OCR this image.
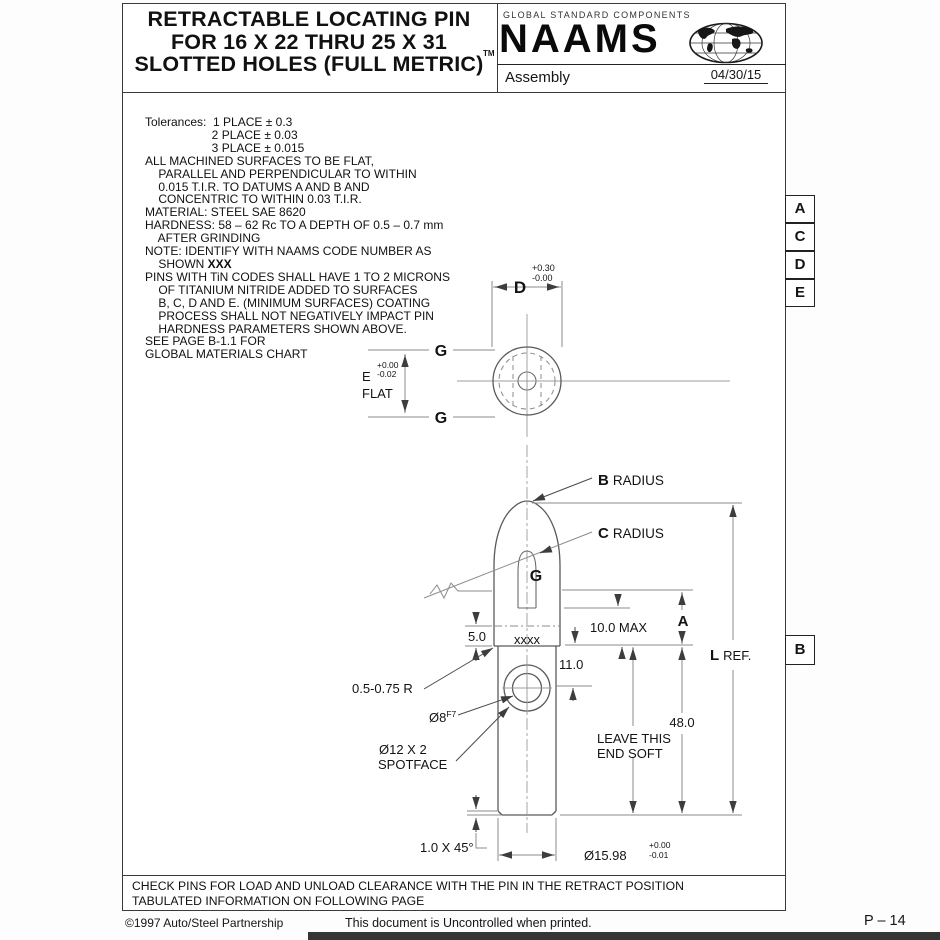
RETRACTABLE LOCATING PIN
FOR 16 X 22 THRU 25 X 31
SLOTTED HOLES (FULL METRIC) TM
GLOBAL STANDARD COMPONENTS
NAAMS
Assembly	04/30/15
Tolerances:  1 PLACE ± 0.3
2 PLACE ± 0.03
3 PLACE ± 0.015
ALL MACHINED SURFACES TO BE FLAT,
PARALLEL AND PERPENDICULAR TO WITHIN
0.015 T.I.R. TO DATUMS A AND B AND
CONCENTRIC TO WITHIN 0.03 T.I.R.
MATERIAL: STEEL SAE 8620
HARDNESS: 58 – 62 Rc TO A DEPTH OF 0.5 – 0.7 mm
AFTER GRINDING
NOTE: IDENTIFY WITH NAAMS CODE NUMBER AS
SHOWN XXX
PINS WITH TiN CODES SHALL HAVE 1 TO 2 MICRONS
OF TITANIUM NITRIDE ADDED TO SURFACES
B, C, D AND E. (MINIMUM SURFACES) COATING
PROCESS SHALL NOT NEGATIVELY IMPACT PIN
HARDNESS PARAMETERS SHOWN ABOVE.
SEE PAGE B-1.1 FOR
GLOBAL MATERIALS CHART
A
C
D
E
B
D
+0.30
-0.00
G
G
E
+0.00
-0.02
FLAT
xxxx
G
B RADIUS
C RADIUS
5.0
A
10.0 MAX
11.0
48.0
LEAVE THIS
END SOFT
L REF.
0.5-0.75 R
$Ø8^{F7}$
Ø12 X 2
SPOTFACE
1.0 X 45°
Ø15.98
+0.00
-0.01
CHECK PINS FOR LOAD AND UNLOAD CLEARANCE WITH THE PIN IN THE RETRACT POSITION
TABULATED INFORMATION ON FOLLOWING PAGE
©1997 Auto/Steel Partnership	This document is Uncontrolled when printed.	P – 14
